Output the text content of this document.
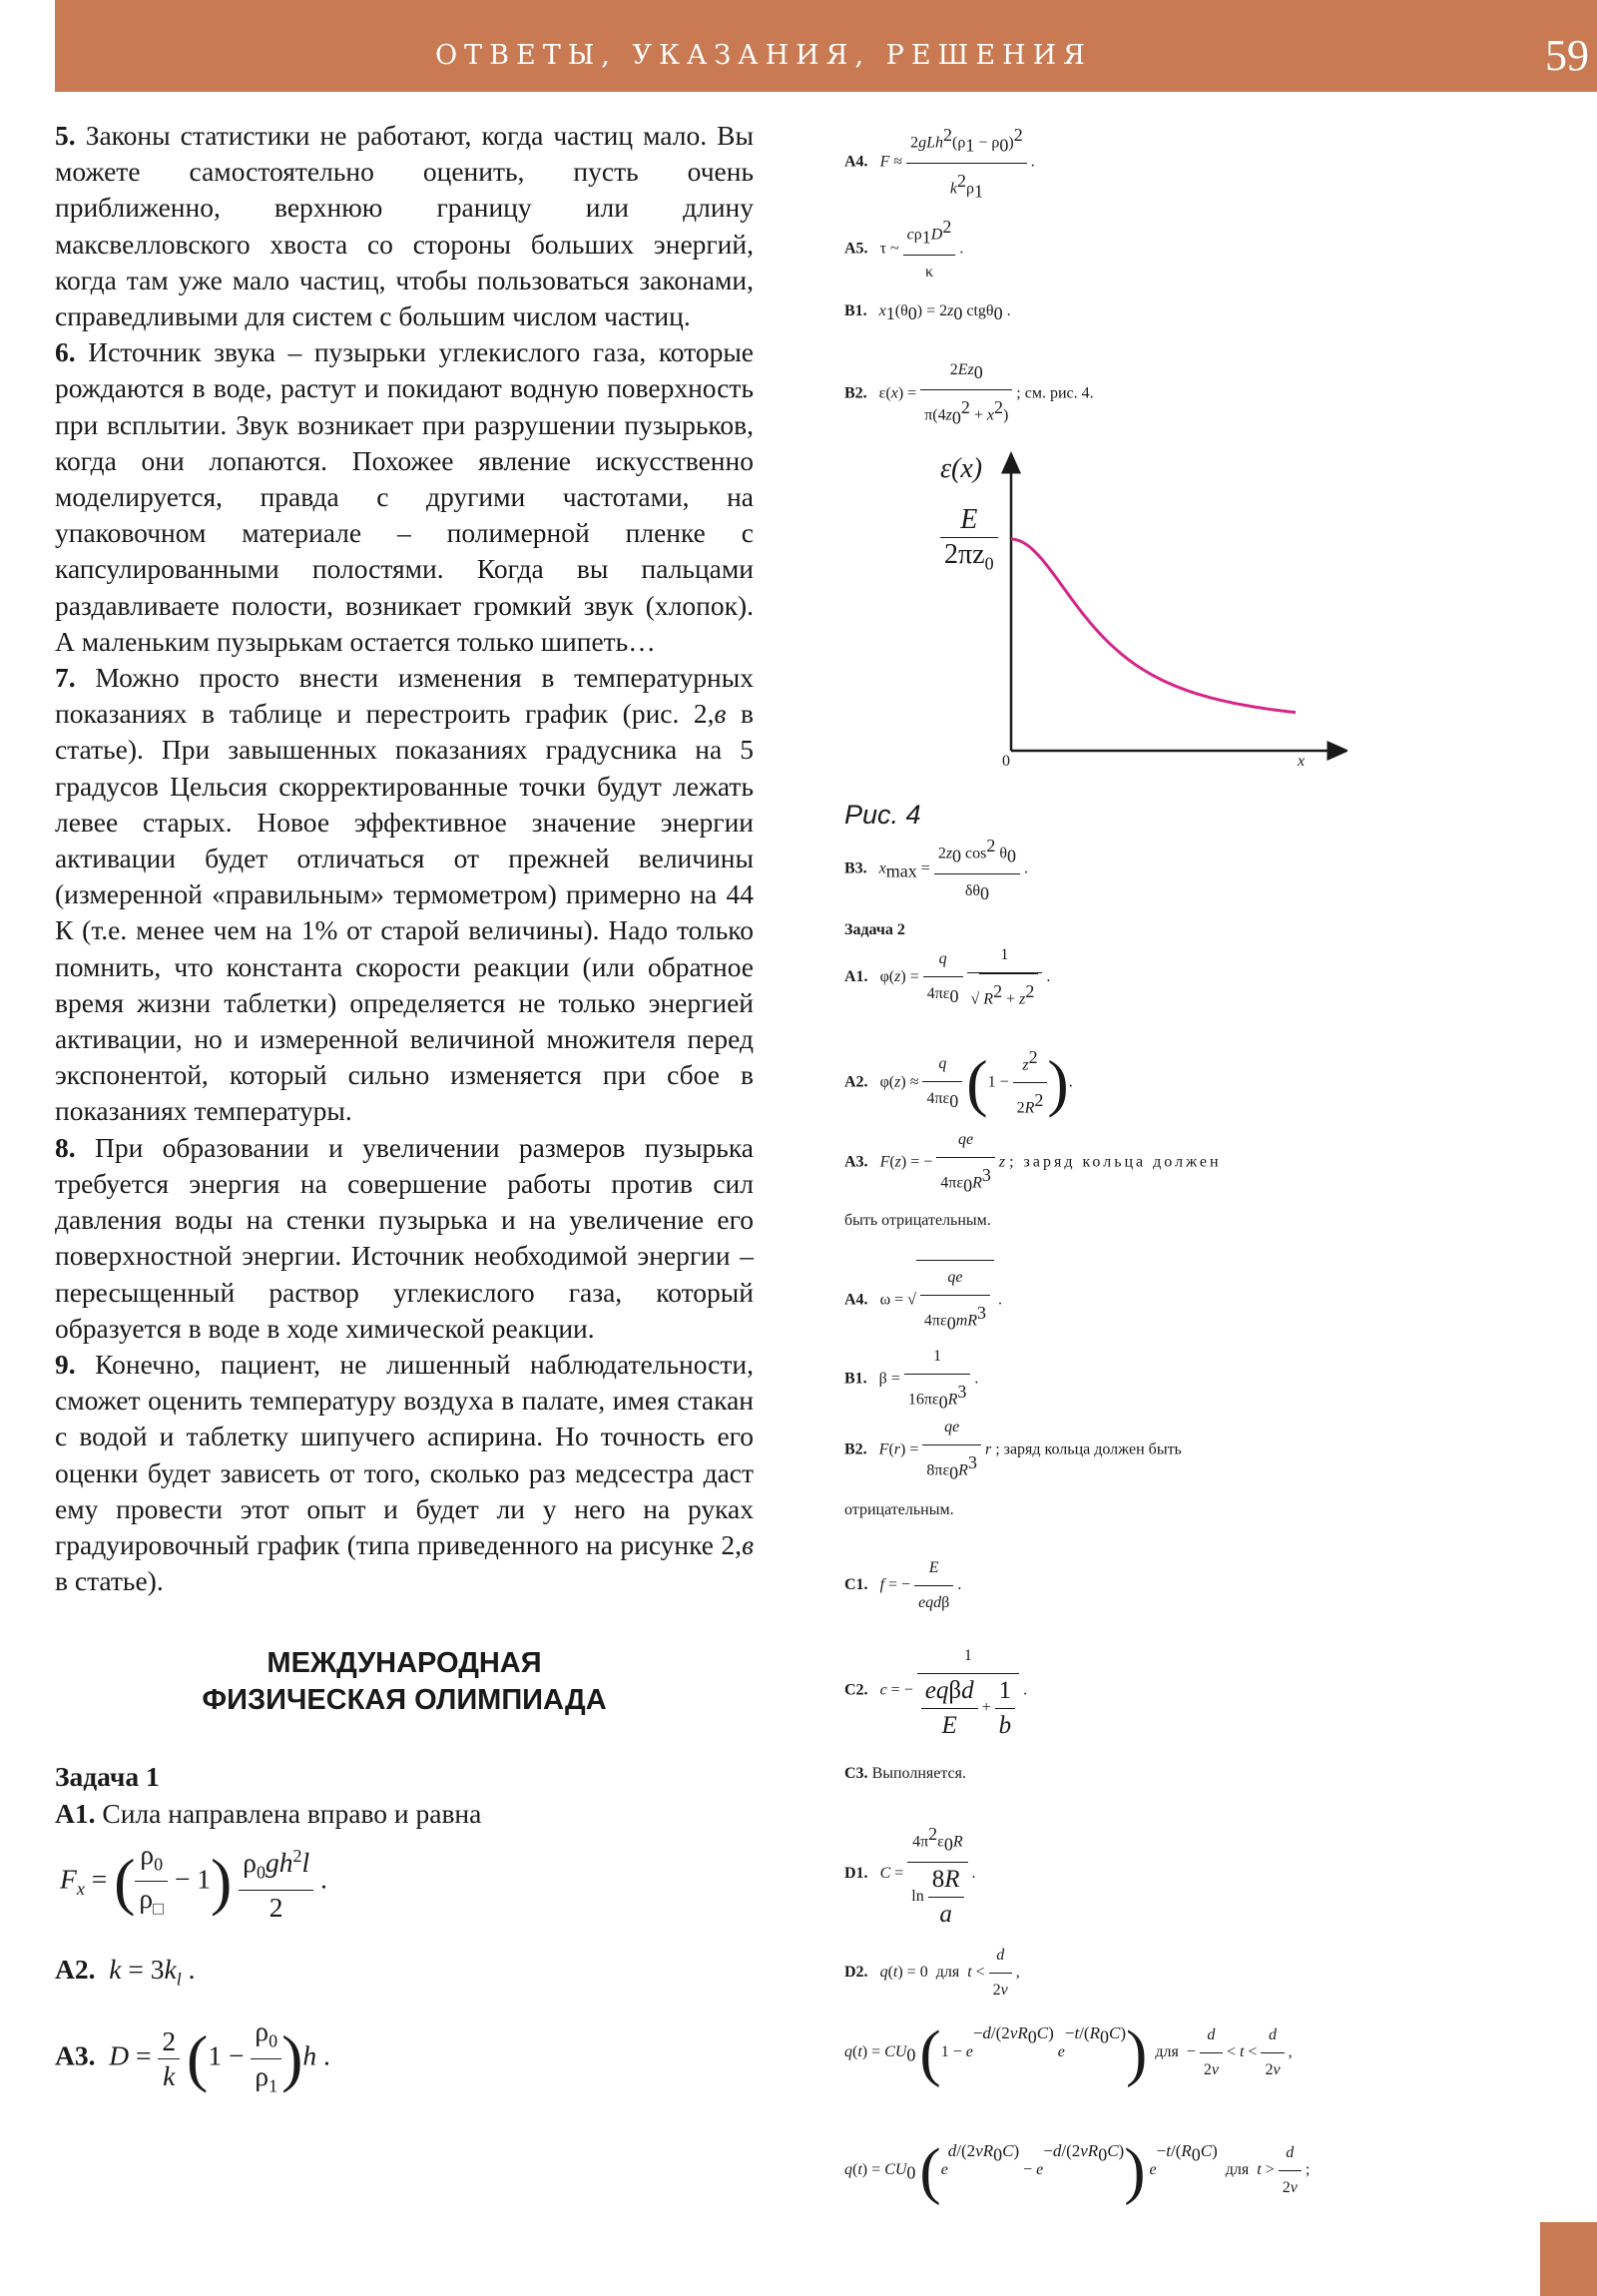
ОТВЕТЫ, УКАЗАНИЯ, РЕШЕНИЯ	59

5. Законы статистики не работают, когда частиц мало. Вы можете самостоятельно оценить, пусть очень приближенно, верхнюю границу или длину максвелловского хвоста со стороны больших энергий, когда там уже мало частиц, чтобы пользоваться законами, справедливыми для систем с большим числом частиц.

6. Источник звука – пузырьки углекислого газа, которые рождаются в воде, растут и покидают водную поверхность при всплытии. Звук возникает при разрушении пузырьков, когда они лопаются. Похожее явление искусственно моделируется, правда с другими частотами, на упаковочном материале – полимерной пленке с капсулированными полостями. Когда вы пальцами раздавливаете полости, возникает громкий звук (хлопок). А маленьким пузырькам остается только шипеть…

7. Можно просто внести изменения в температурных показаниях в таблице и перестроить график (рис. 2,в в статье). При завышенных показаниях градусника на 5 градусов Цельсия скорректированные точки будут лежать левее старых. Новое эффективное значение энергии активации будет отличаться от прежней величины (измеренной «правильным» термометром) примерно на 44 К (т.е. менее чем на 1% от старой величины). Надо только помнить, что константа скорости реакции (или обратное время жизни таблетки) определяется не только энергией активации, но и измеренной величиной множителя перед экспонентой, который сильно изменяется при сбое в показаниях температуры.

8. При образовании и увеличении размеров пузырька требуется энергия на совершение работы против сил давления воды на стенки пузырька и на увеличение его поверхностной энергии. Источник необходимой энергии – пересыщенный раствор углекислого газа, который образуется в воде в ходе химической реакции.

9. Конечно, пациент, не лишенный наблюдательности, сможет оценить температуру воздуха в палате, имея стакан с водой и таблетку шипучего аспирина. Но точность его оценки будет зависеть от того, сколько раз медсестра даст ему провести этот опыт и будет ли у него на руках градуировочный график (типа приведенного на рисунке 2,в в статье).

МЕЖДУНАРОДНАЯ
ФИЗИЧЕСКАЯ ОЛИМПИАДА

Задача 1

A1. Сила направлена вправо и равна

$F_x$ = ( $\frac{\rho_0}{\rho_□} - 1) \frac{\rho_0gh^2l}{2}$ .
A2. $k = 3k_l$ .
A3. $D = \frac{2}{k} (1 - \frac{\rho_0}{\rho_1} )h$ .
A4. $F \approx \frac{\text{2gLh2(ρ1 − ρ0)2}}{k2\rho 1}$ .
A5.   τ ~ $\frac{c\rho 1D2}{\kappa}$ .
B1. x1(θ0) = 2z0 ctgθ0 .
B2.   $\varepsilon(x) = \frac{2Ez0}{\pi(4z02 + x2)}$ ; см. рис. 4.
ε(x)
$\frac{E}{2\pi z_0}$
0	x
Рис. 4
B3. $xmax = \frac{2z0 \cos 2 \theta 0}{\delta\theta 0}$ .
Задача 2
A1.   $\varphi(z) = \frac{q}{4\pi\varepsilon 0}$
$\frac{1}{√ R2 + z2}$ .
A2.   $\varphi(z) \approx \frac{q}{4\pi\varepsilon 0} (1 - \frac{z2}{2R2}$ ).
A3. F(z) = − $\frac{qe}{4\pi\varepsilon 0R3}$ z ; заряд кольца должен
быть отрицательным.
A4.   ω = √ $\frac{qe}{4\pi\varepsilon 0mR3}$ .
B1.   $\beta = \frac{1}{16\pi\varepsilon 0R3}$ .
B2. $F(r) = \frac{qe}{8\pi\varepsilon 0R3}$ r ; заряд кольца должен быть
отрицательным.
C1. f = − $\frac{E}{\text{eqdβ}}$ .
C2. c = − $\frac{1}{\frac{\text{eqβd}}{E} + \frac{1}{b}}$ .
C3. Выполняется.
D1. $C = \frac{4\pi 2\varepsilon 0R}{\ln \frac{8R}{a}}$ .
D2. q(t) = 0  для $t < \frac{d}{2v}$ ,
q(t) = CU0 (1 − e−d/(2vR0C) e−t/(R0C)) для  − $\frac{d}{2v} < t < \frac{d}{2v}$ ,
q(t) = CU0 (ed/(2vR0C) − e−d/(2vR0C)) e−t/(R0C)  для $t > \frac{d}{2v}$ ;
